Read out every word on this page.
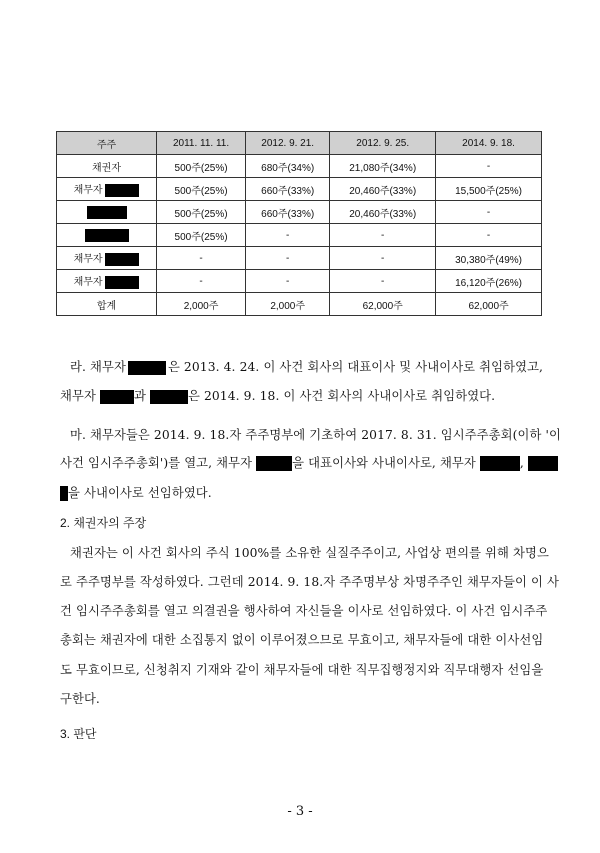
주주	2011. 11. 11.	2012. 9. 21.	2012. 9. 25.	2014. 9. 18.
채권자	500주(25%)	680주(34%)	21,080주(34%)	-
채무자	500주(25%)	660주(33%)	20,460주(33%)	15,500주(25%)
	500주(25%)	660주(33%)	20,460주(33%)	-
	500주(25%)	-	-	-
채무자	-	-	-	30,380주(49%)
채무자	-	-	-	16,120주(26%)
합계	2,000주	2,000주	62,000주	62,000주
라. 채무자	은 2013. 4. 24. 이 사건 회사의 대표이사 및 사내이사로 취임하였고,
채무자	과	은 2014. 9. 18. 이 사건 회사의 사내이사로 취임하였다.
마. 채무자들은 2014. 9. 18.자 주주명부에 기초하여 2017. 8. 31. 임시주주총회(이하 '이
사건 임시주주총회')를 열고, 채무자	을 대표이사와 사내이사로, 채무자	,
을 사내이사로 선임하였다.
2. 채권자의 주장
채권자는 이 사건 회사의 주식 100%를 소유한 실질주주이고, 사업상 편의를 위해 차명으
로 주주명부를 작성하였다. 그런데 2014. 9. 18.자 주주명부상 차명주주인 채무자들이 이 사
건 임시주주총회를 열고 의결권을 행사하여 자신들을 이사로 선임하였다. 이 사건 임시주주
총회는 채권자에 대한 소집통지 없이 이루어졌으므로 무효이고, 채무자들에 대한 이사선임
도 무효이므로, 신청취지 기재와 같이 채무자들에 대한 직무집행정지와 직무대행자 선임을
구한다.
3. 판단
- 3 -
